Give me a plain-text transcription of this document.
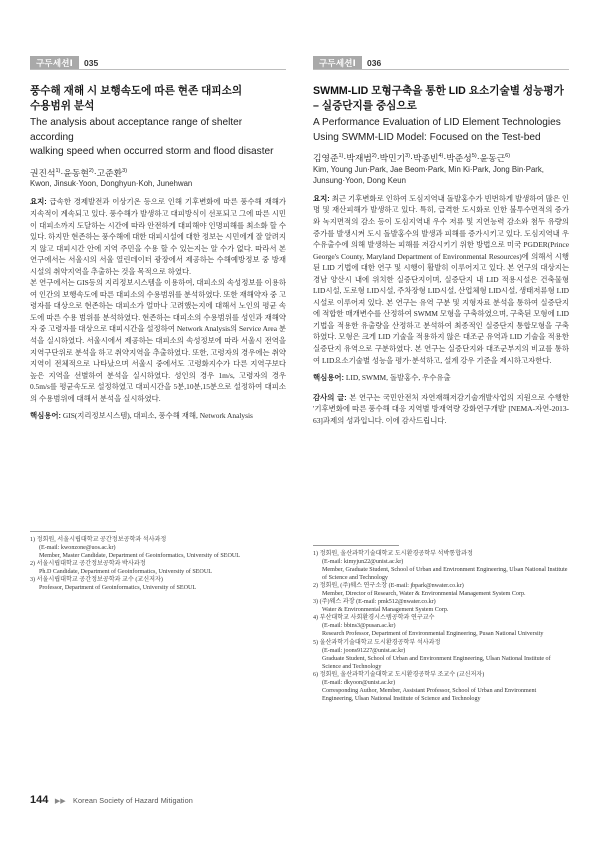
구두세션Ⅰ	035
풍수해 재해 시 보행속도에 따른 현존 대피소의
수용범위 분석
The analysis about acceptance range of shelter according
walking speed when occurred storm and flood disaster
권진석$^{1)}$·윤동현$^{2)}$·고준환$^{3)}$
Kwon, Jinsuk·Yoon, Donghyun·Koh, Junehwan

요지: 급속한 경제발전과 이상기온 등으로 인해 기후변화에 따른 풍수해 재해가 지속적이 계속되고 있다. 풍수해가 발생하고 대피방식이 선포되고 그에 따른 시민이 대피소까지 도달하는 시간에 따라 안전하게 대피해야 인명피해를 최소화 할 수 있다. 하지만 현존하는 풍수해에 대한 대피시설에 대한 정보는 시민에게 잘 알려지지 않고 대피시간 안에 지역 주민을 수용 할 수 있는지는 알 수가 없다. 따라서 본 연구에서는 서울시의 서울 열린데이터 광장에서 제공하는 수해예방정보 중 방재시설의 취약지역을 추출하는 것을 목적으로 하였다.

본 연구에서는 GIS등의 지리정보시스템을 이용하여, 대피소의 속성정보를 이용하여 인간의 보행속도에 따른 대피소의 수용범위를 분석하였다. 또한 재해약자 중 고령자를 대상으로 현존하는 대피소가 얼마나 고려했는지에 대해서 노인의 평균 속도에 따른 수용 범위를 분석하였다. 현존하는 대피소의 수용범위를 성인과 재해약자 중 고령자를 대상으로 대피시간을 설정하여 Network Analysis의 Service Area 분석을 실시하였다. 서울시에서 제공하는 대피소의 속성정보에 따라 서울시 전역을 지역구단위로 분석을 하고 취약지역을 추출하였다. 또한, 고령자의 경우에는 취약지역이 전체적으로 나타났으며 서울시 중에서도 고령화지수가 다른 지역구보다 높은 지역을 선별하여 분석을 실시하였다. 성인의 경우 1m/s, 고령자의 경우 0.5m/s를 평균속도로 설정하였고 대피시간을 5분,10분,15분으로 설정하여 대피소의 수용범위에 대해서 분석을 실시하였다.

핵심용어: GIS(지리정보시스템), 대피소, 풍수해 재해, Network Analysis
1) 정회원, 서울시립대학교 공간정보공학과 석사과정
(E-mail: kwonzone@uos.ac.kr)
Member, Master Candidate, Department of Geoinformatics, University of SEOUL
2) 서울시립대학교 공간정보공학과 박사과정
Ph.D Candidate, Department of Geoinformatics, University of SEOUL
3) 서울시립대학교 공간정보공학과 교수 (교신저자)
Professor, Department of Geoinformatics, University of SEOUL
구두세션Ⅰ	036
SWMM-LID 모형구축을 통한 LID 요소기술별 성능평가
– 실증단지를 중심으로
A Performance Evaluation of LID Element Technologies
Using SWMM-LID Model: Focused on the Test-bed
김영준$^{1)}$·박재범$^{2)}$·박민기$^{3)}$·박종빈$^{4)}$·박준성$^{5)}$·윤동근$^{6)}$
Kim, Young Jun·Park, Jae Beom·Park, Min Ki·Park, Jong Bin·Park, Junsung·Yoon, Dong Keun

요지: 최근 기후변화로 인하여 도심지역내 돌발홍수가 빈번하게 발생하여 많은 인명 및 재산피해가 발생하고 있다. 특히, 급격한 도시화로 인한 불투수면적의 증가와 녹지면적의 감소 등이 도심지역내 우수 저류 및 지연능력 감소와 첨두 유량의 증가를 발생시켜 도시 돌발홍수의 발생과 피해를 증가시키고 있다. 도심지역내 우수유출수에 의해 발생하는 피해를 저감시키기 위한 방법으로 미국 PGDER(Prince George's County, Maryland Department of Environmental Resources)에 의해서 시행된 LID 기법에 대한 연구 및 시행이 활발히 이루어지고 있다. 본 연구의 대상지는 경남 양산시 내에 위치한 실증단지이며, 실증단지 내 LID 적용시설은 건축물형 LID시설, 도로형 LID시설, 주차장형 LID시설, 산업체형 LID시설, 생태저류형 LID시설로 이루어져 있다. 본 연구는 유역 구분 및 지형자료 분석을 통하여 실증단지에 적합한 매개변수를 산정하여 SWMM 모형을 구축하였으며, 구축된 모형에 LID 기법을 적용한 유출량을 산정하고 분석하여 최종적인 실증단지 통합모형을 구축하였다. 모형은 크게 LID 기술을 적용하지 않은 대조군 유역과 LID 기술을 적용한 실증단지 유역으로 구분하였다. 본 연구는 실증단지와 대조군부지의 비교를 통하여 LID요소기술별 성능을 평가·분석하고, 설계 강우 기준을 제시하고자한다.

핵심용어: LID, SWMM, 돌발홍수, 우수유출
감사의 글: 본 연구는 국민안전처 자연재해저감기술개발사업의 지원으로 수행한 '기후변화에 따른 풍수해 대응 지역별 방재역량 강화연구개발' [NEMA-자연-2013-63]과제의 성과입니다. 이에 감사드립니다.
1) 정회원, 울산과학기술대학교 도시환경공학부 석박통합과정
(E-mail: kimyjun22@unist.ac.kr)
Member, Graduate Student, School of Urban and Environment Engineering, Ulsan National Institute of Science and Technology
2) 정회원, (주)웨스 연구소장 (E-mail: jbpark@nwater.co.kr)
Member, Director of Research, Water & Environmental Management System Corp.
3) (주)웨스 과장 (E-mail: pmk512@nwater.co.kr)
Water & Environmental Management System Corp.
4) 부산대학교 사회환경시스템공학과 연구교수
(E-mail: bbins3@pusan.ac.kr)
Research Professor, Department of Environmental Engineering, Pusan National University
5) 울산과학기술대학교 도시환경공학부 석사과정
(E-mail: joons91227@unist.ac.kr)
Graduate Student, School of Urban and Environment Engineering, Ulsan National Institute of Science and Technology
6) 정회원, 울산과학기술대학교 도시환경공학부 조교수 (교신저자)
(E-mail: dkyoon@unist.ac.kr)
Corresponding Author, Member, Assistant Professor, School of Urban and Environment Engineering, Ulsan National Institute of Science and Technology
144 ▶▶ Korean Society of Hazard Mitigation
